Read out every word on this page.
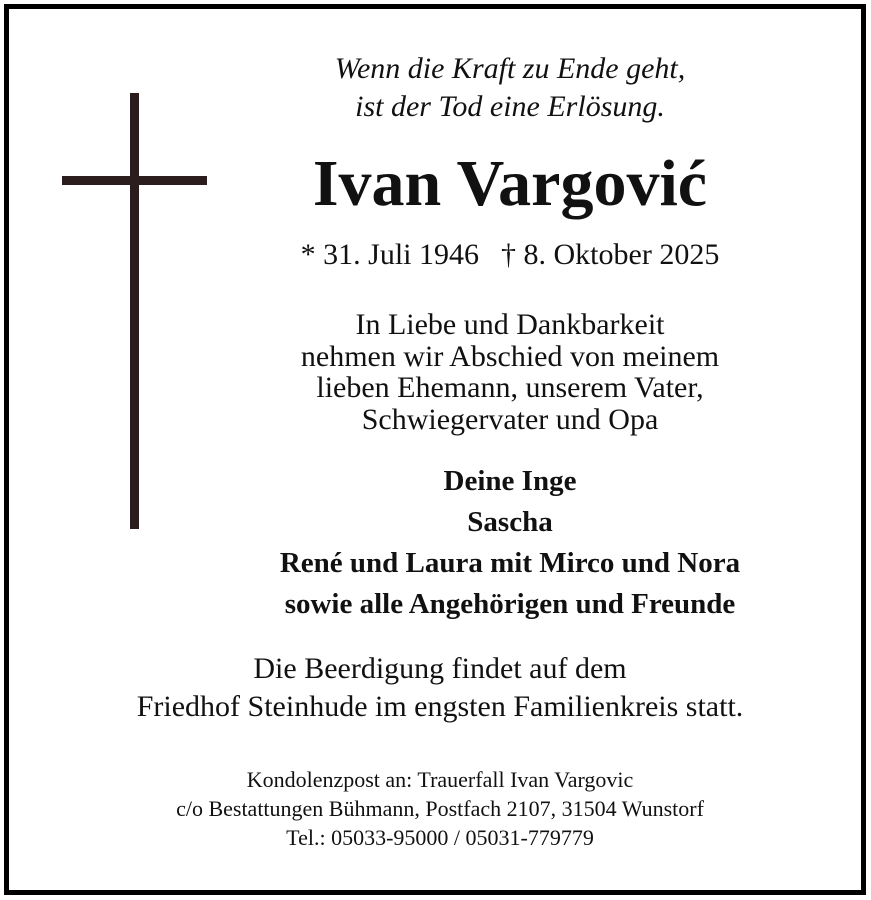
Wenn die Kraft zu Ende geht,
ist der Tod eine Erlösung.
Ivan Vargović
* 31. Juli 1946 † 8. Oktober 2025
In Liebe und Dankbarkeit
nehmen wir Abschied von meinem
lieben Ehemann, unserem Vater,
Schwiegervater und Opa
Deine Inge
Sascha
René und Laura mit Mirco und Nora
sowie alle Angehörigen und Freunde
Die Beerdigung findet auf dem
Friedhof Steinhude im engsten Familienkreis statt.
Kondolenzpost an: Trauerfall Ivan Vargovic
c/o Bestattungen Bühmann, Postfach 2107, 31504 Wunstorf
Tel.: 05033-95000 / 05031-779779
